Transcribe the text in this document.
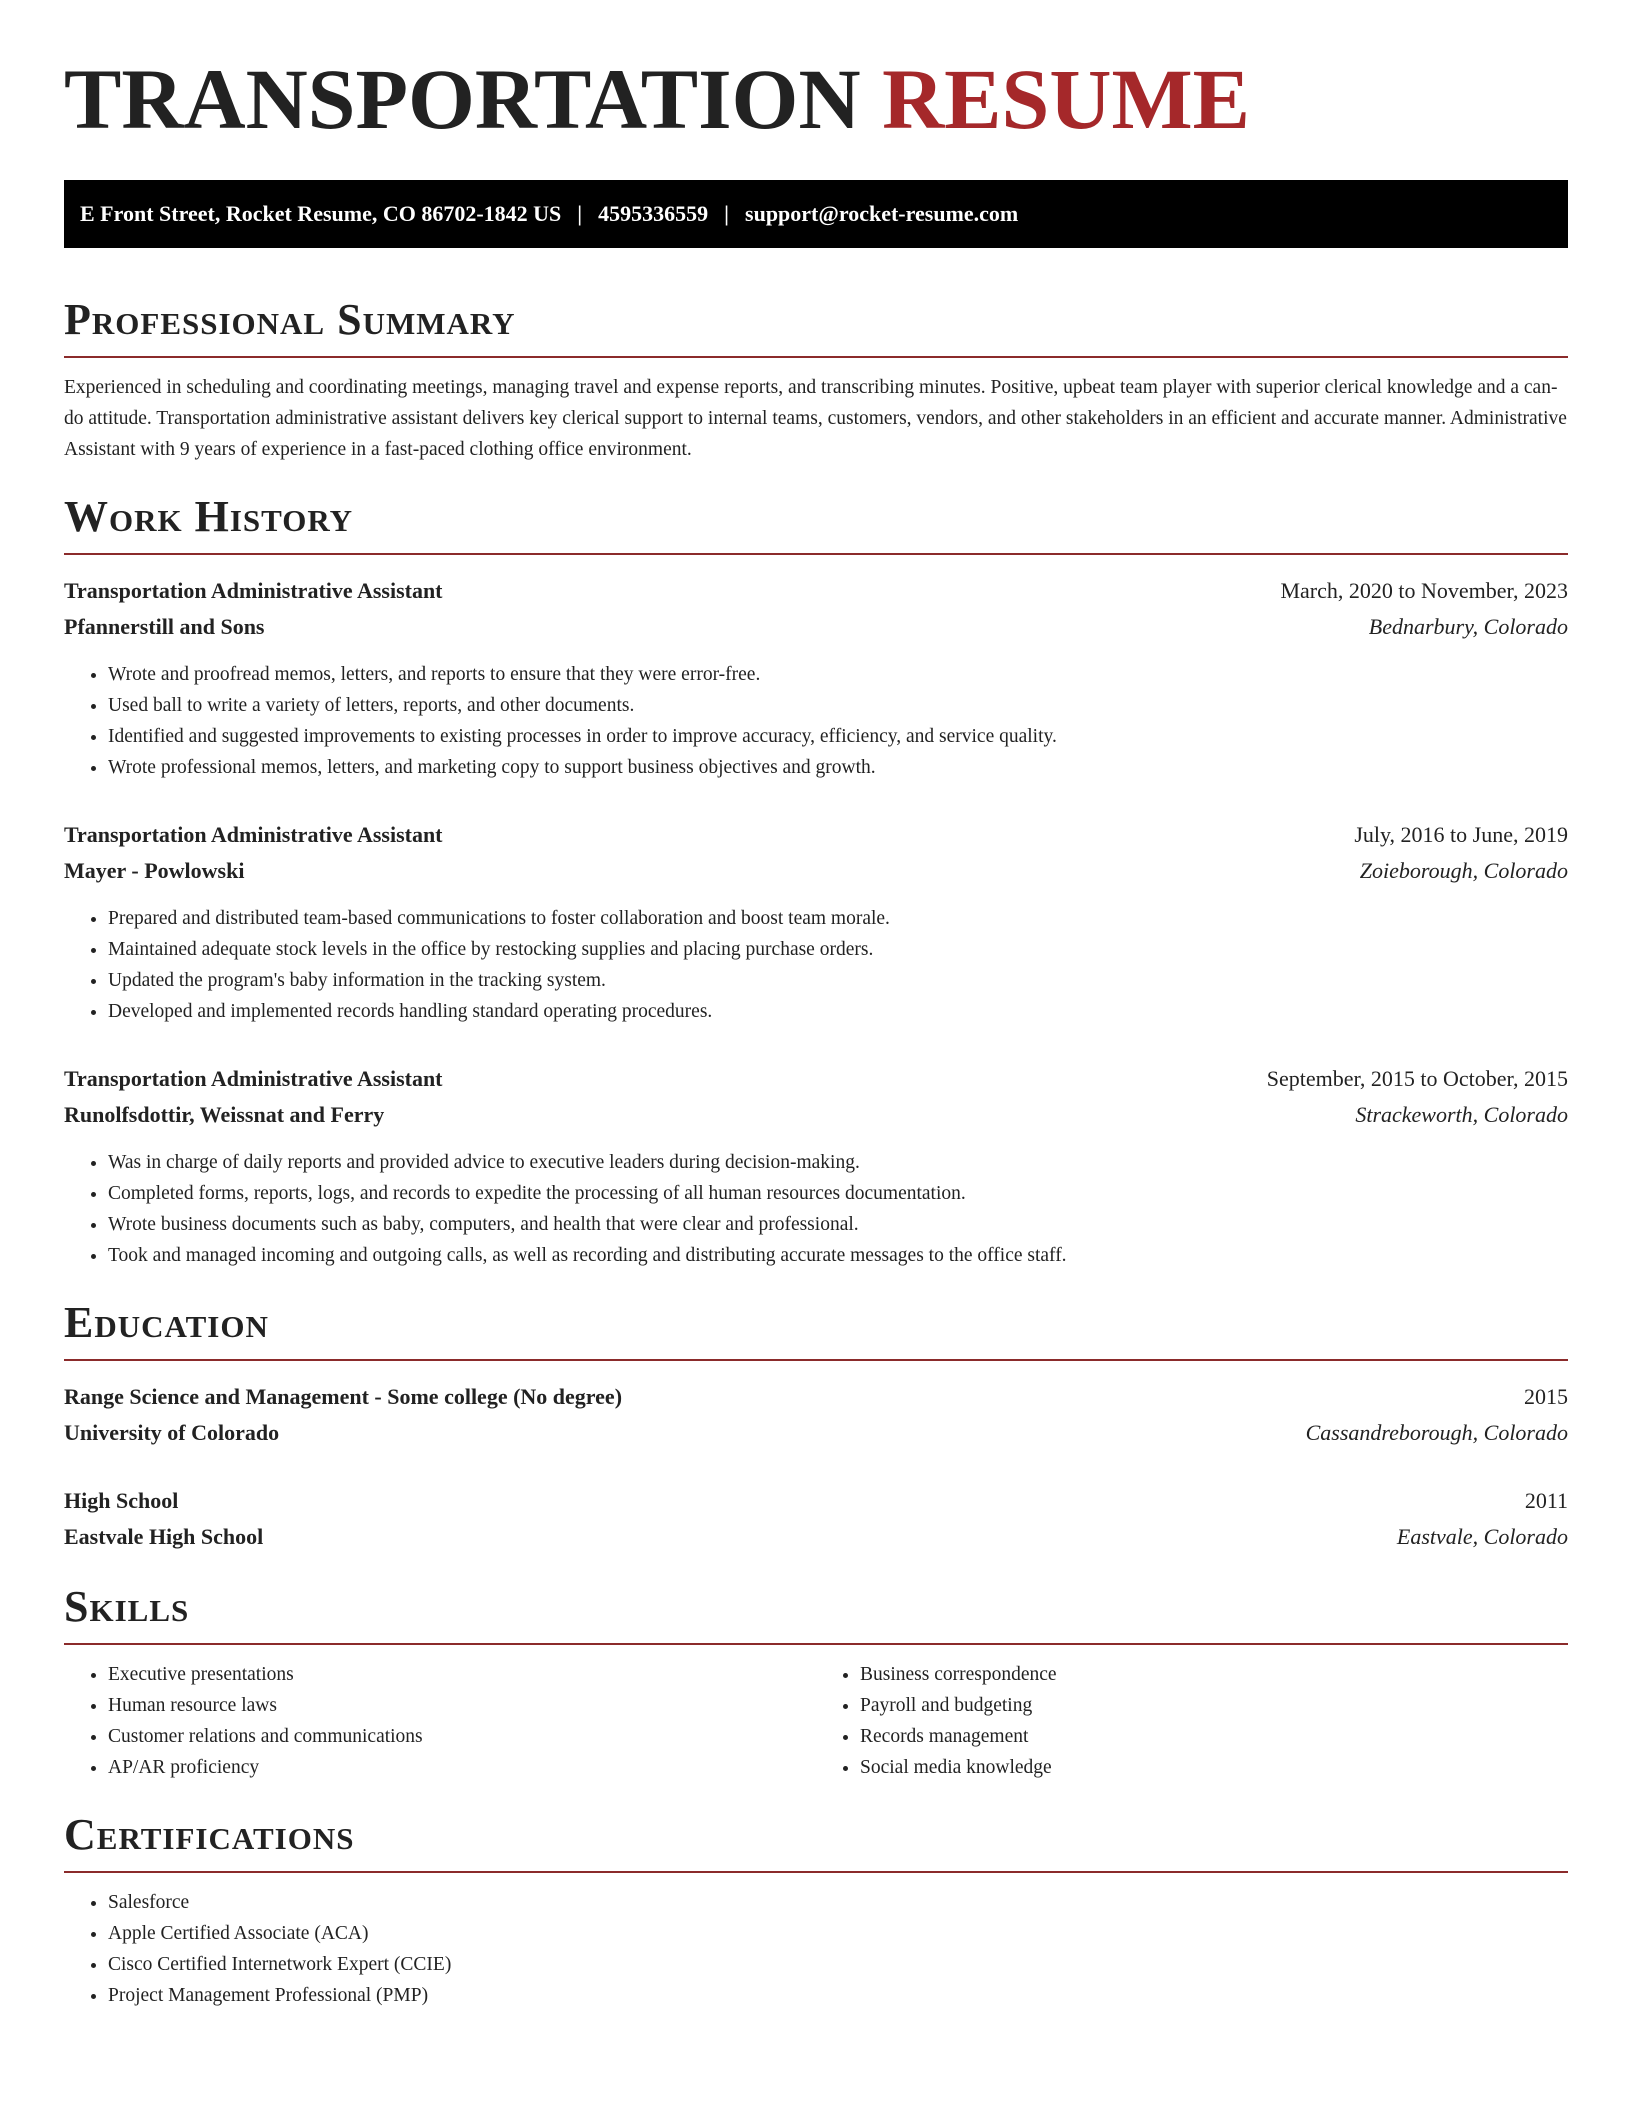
TRANSPORTATION RESUME
E Front Street, Rocket Resume, CO 86702-1842 US | 4595336559 | support@rocket-resume.com
Professional Summary

Experienced in scheduling and coordinating meetings, managing travel and expense reports, and transcribing minutes. Positive, upbeat team player with superior clerical knowledge and a can-do attitude. Transportation administrative assistant delivers key clerical support to internal teams, customers, vendors, and other stakeholders in an efficient and accurate manner. Administrative Assistant with 9 years of experience in a fast-paced clothing office environment.

Work History
Transportation Administrative Assistant	March, 2020 to November, 2023
Pfannerstill and Sons	Bednarbury, Colorado
• Wrote and proofread memos, letters, and reports to ensure that they were error-free.
• Used ball to write a variety of letters, reports, and other documents.
• Identified and suggested improvements to existing processes in order to improve accuracy, efficiency, and service quality.
• Wrote professional memos, letters, and marketing copy to support business objectives and growth.
Transportation Administrative Assistant	July, 2016 to June, 2019
Mayer - Powlowski	Zoieborough, Colorado
• Prepared and distributed team-based communications to foster collaboration and boost team morale.
• Maintained adequate stock levels in the office by restocking supplies and placing purchase orders.
• Updated the program's baby information in the tracking system.
• Developed and implemented records handling standard operating procedures.
Transportation Administrative Assistant	September, 2015 to October, 2015
Runolfsdottir, Weissnat and Ferry	Strackeworth, Colorado
• Was in charge of daily reports and provided advice to executive leaders during decision-making.
• Completed forms, reports, logs, and records to expedite the processing of all human resources documentation.
• Wrote business documents such as baby, computers, and health that were clear and professional.
• Took and managed incoming and outgoing calls, as well as recording and distributing accurate messages to the office staff.
Education
Range Science and Management - Some college (No degree)	2015
University of Colorado	Cassandreborough, Colorado
High School	2011
Eastvale High School	Eastvale, Colorado
Skills
• Executive presentations
• Human resource laws
• Customer relations and communications
• AP/AR proficiency
• Business correspondence
• Payroll and budgeting
• Records management
• Social media knowledge
Certifications
• Salesforce
• Apple Certified Associate (ACA)
• Cisco Certified Internetwork Expert (CCIE)
• Project Management Professional (PMP)
